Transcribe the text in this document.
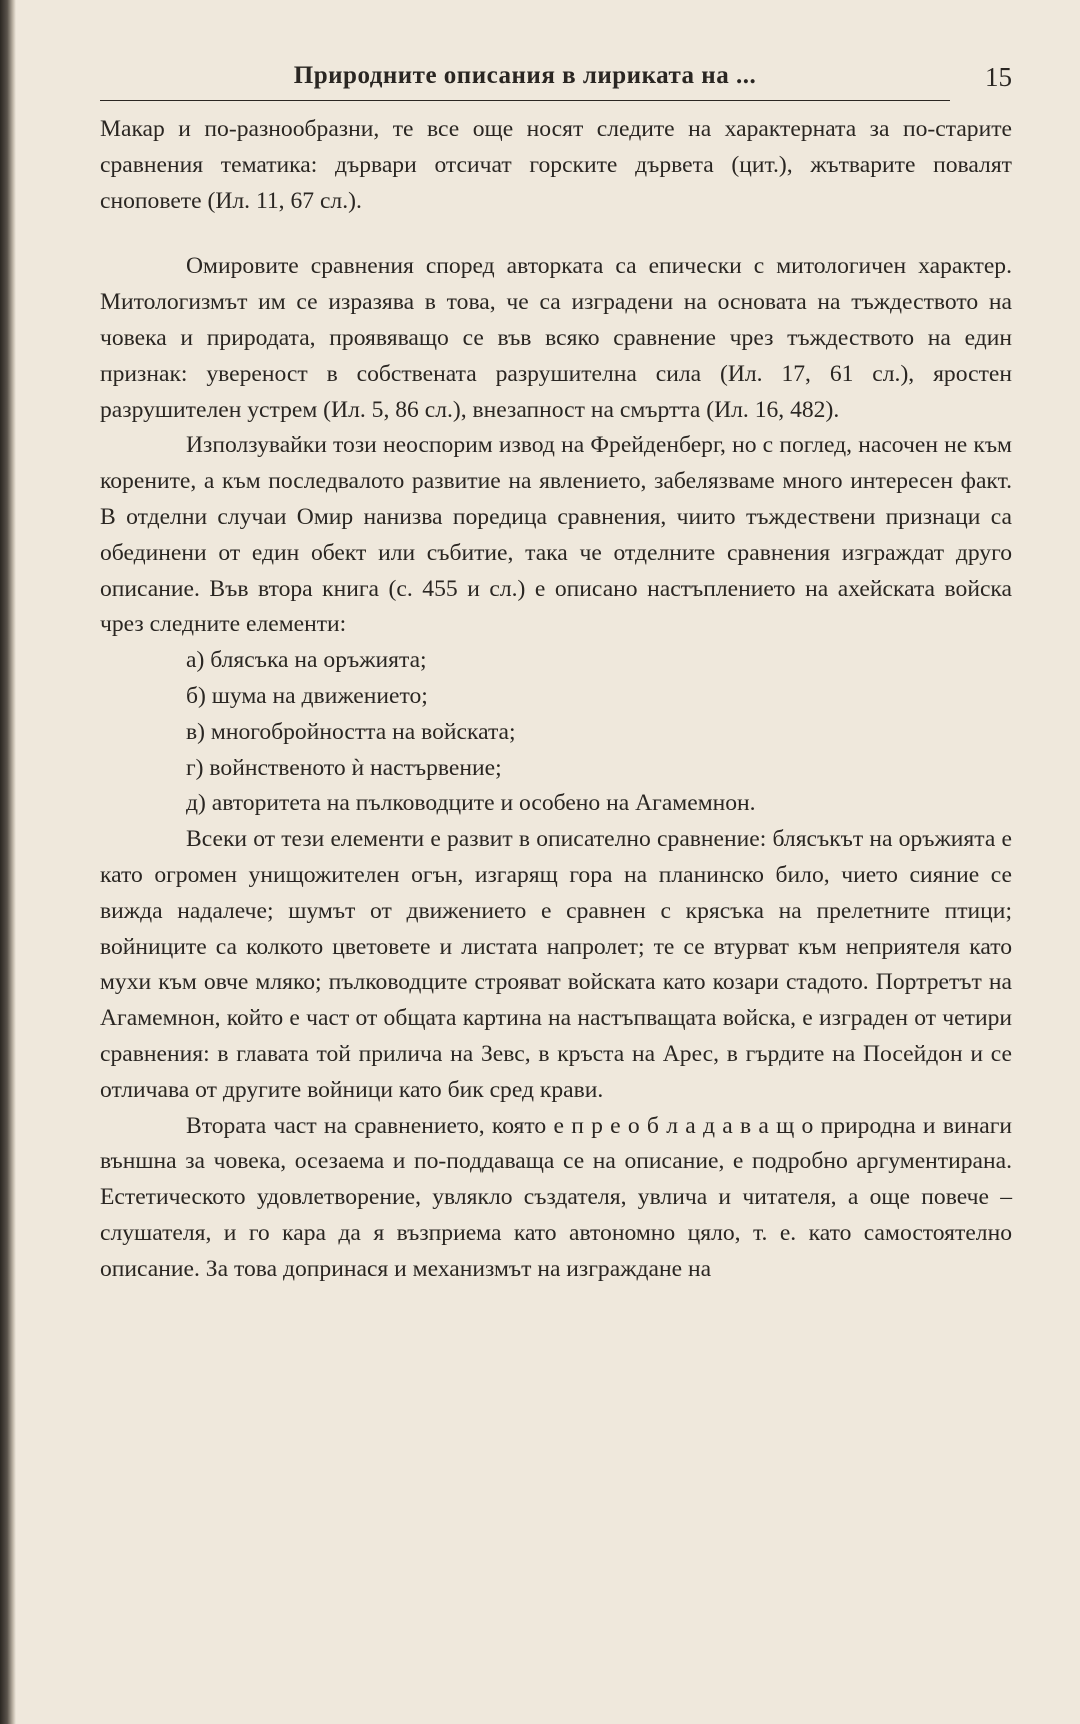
Природните описания в лириката на ...	15

Макар и по-разнообразни, те все още носят следите на характерната за по-старите сравнения тематика: дървари отсичат горските дървета (цит.), жътварите повалят сноповете (Ил. 11, 67 сл.).

Омировите сравнения според авторката са епически с митологичен характер. Митологизмът им се изразява в това, че са изградени на основата на тъждеството на човека и природата, проявяващо се във всяко сравнение чрез тъждеството на един признак: увереност в собствената разрушителна сила (Ил. 17, 61 сл.), яростен разрушителен устрем (Ил. 5, 86 сл.), внезапност на смъртта (Ил. 16, 482).

Използувайки този неоспорим извод на Фрейденберг, но с поглед, насочен не към корените, а към последвалото развитие на явлението, забелязваме много интересен факт. В отделни случаи Омир нанизва поредица сравнения, чиито тъждествени признаци са обединени от един обект или събитие, така че отделните сравнения изграждат друго описание. Във втора книга (с. 455 и сл.) е описано настъплението на ахейската войска чрез следните елементи:

а) блясъка на оръжията;
б) шума на движението;
в) многобройността на войската;
г) войнственото ѝ настървение;
д) авторитета на пълководците и особено на Агамемнон.

Всеки от тези елементи е развит в описателно сравнение: блясъкът на оръжията е като огромен унищожителен огън, изгарящ гора на планинско било, чието сияние се вижда надалече; шумът от движението е сравнен с крясъка на прелетните птици; войниците са колкото цветовете и листата напролет; те се втурват към неприятеля като мухи към овче мляко; пълководците строяват войската като козари стадото. Портретът на Агамемнон, който е част от общата картина на настъпващата войска, е изграден от четири сравнения: в главата той прилича на Зевс, в кръста на Арес, в гърдите на Посейдон и се отличава от другите войници като бик сред крави.

Втората част на сравнението, която е п р е о б л а д а в а щ о природна и винаги външна за човека, осезаема и по-поддаваща се на описание, е подробно аргументирана. Естетическото удовлетворение, увлякло създателя, увлича и читателя, а още повече – слушателя, и го кара да я възприема като автономно цяло, т. е. като самостоятелно описание. За това допринася и механизмът на изграждане на
